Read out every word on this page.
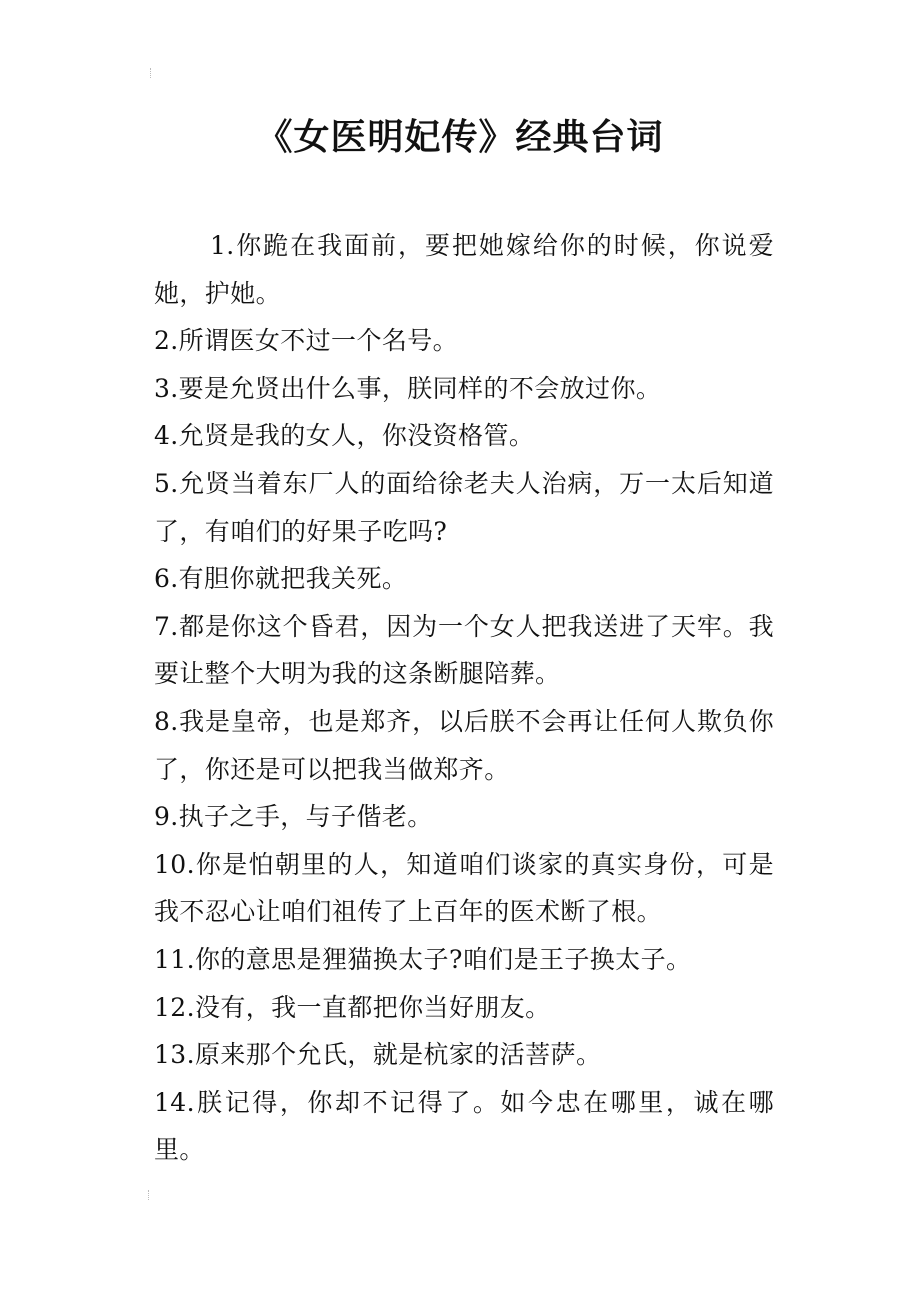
《女医明妃传》经典台词

1.你跪在我面前，要把她嫁给你的时候，你说爱她，护她。

2.所谓医女不过一个名号。

3.要是允贤出什么事，朕同样的不会放过你。

4.允贤是我的女人，你没资格管。

5.允贤当着东厂人的面给徐老夫人治病，万一太后知道了，有咱们的好果子吃吗?

6.有胆你就把我关死。

7.都是你这个昏君，因为一个女人把我送进了天牢。我要让整个大明为我的这条断腿陪葬。

8.我是皇帝，也是郑齐，以后朕不会再让任何人欺负你了，你还是可以把我当做郑齐。

9.执子之手，与子偕老。

10.你是怕朝里的人，知道咱们谈家的真实身份，可是我不忍心让咱们祖传了上百年的医术断了根。

11.你的意思是狸猫换太子?咱们是王子换太子。

12.没有，我一直都把你当好朋友。

13.原来那个允氏，就是杭家的活菩萨。

14.朕记得，你却不记得了。如今忠在哪里，诚在哪里。
